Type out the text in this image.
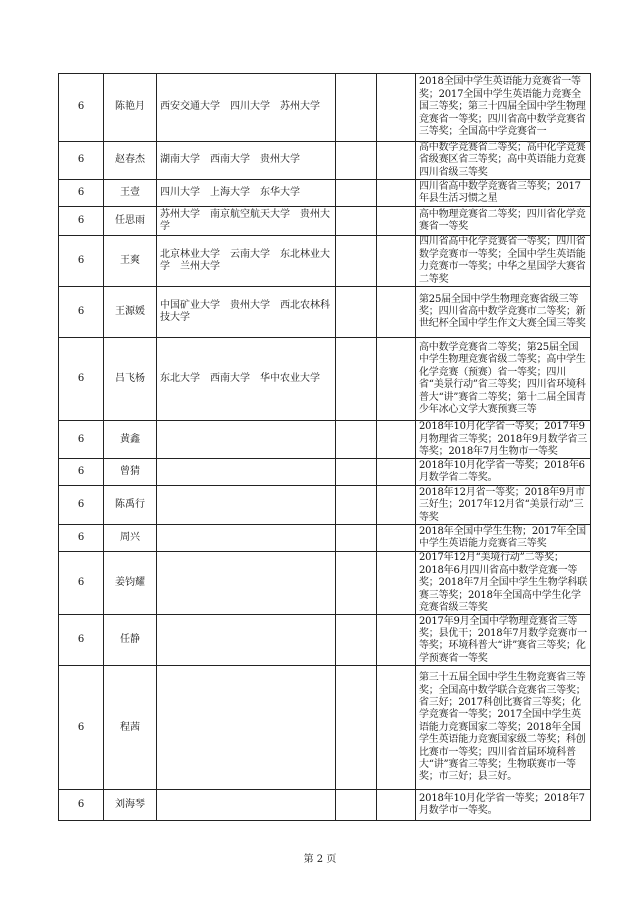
6	陈艳月	西安交通大学　四川大学　苏州大学			2018全国中学生英语能力竞赛省一等奖；2017全国中学生英语能力竞赛全国三等奖；第三十四届全国中学生物理竞赛省一等奖；四川省高中数学竞赛省三等奖；全国高中学竞赛省一
6	赵春杰	湖南大学　西南大学　贵州大学			高中数学竞赛省二等奖；高中化学竞赛省级赛区省三等奖；高中英语能力竞赛四川省级三等奖
6	王壹	四川大学　上海大学　东华大学			四川省高中数学竞赛省三等奖；2017年县生活习惯之星
6	任思雨	苏州大学　南京航空航天大学　贵州大学			高中物理竞赛省二等奖；四川省化学竞赛省一等奖
6	王爽	北京林业大学　云南大学　东北林业大学　兰州大学			四川省高中化学竞赛省一等奖；四川省数学竞赛市一等奖；全国中学生英语能力竞赛市一等奖；中华之星国学大赛省二等奖
6	王源媛	中国矿业大学　贵州大学　西北农林科技大学			第25届全国中学生物理竞赛省级三等奖；四川省高中数学竞赛市二等奖；新世纪杯全国中学生作文大赛全国三等奖
6	吕飞杨	东北大学　西南大学　华中农业大学			高中数学竞赛省二等奖；第25届全国中学生物理竞赛省级二等奖；高中学生化学竞赛（预赛）省一等奖；四川省“美景行动”省三等奖；四川省环境科普大“讲”赛省二等奖；第十二届全国青少年冰心文学大赛预赛三等
6	黄鑫				2018年10月化学省一等奖；2017年9月物理省三等奖；2018年9月数学省三等奖；2018年7月生物市一等奖
6	曾猜				2018年10月化学省一等奖；2018年6月数学省二等奖。
6	陈禹行				2018年12月省一等奖；2018年9月市三好生；2017年12月省“美景行动”三等奖
6	周兴				2018年全国中学生生物；2017年全国中学生英语能力竞赛省三等奖
6	姜钧耀				2017年12月“美境行动”二等奖；2018年6月四川省高中数学竞赛一等奖；2018年7月全国中学生生物学科联赛三等奖；2018年全国高中学生化学竞赛省级三等奖
6	任静				2017年9月全国中学物理竞赛省三等奖；县优干；2018年7月数学竞赛市一等奖；环境科普大“讲”赛省三等奖；化学预赛省一等奖
6	程茜				第三十五届全国中学生生物竞赛省三等奖；全国高中数学联合竞赛省三等奖；省三好；2017科创比赛省三等奖；化学竞赛省一等奖；2017全国中学生英语能力竞赛国家二等奖；2018年全国学生英语能力竞赛国家级二等奖；科创比赛市一等奖；四川省首届环境科普大“讲”赛省三等奖；生物联赛市一等奖；市三好；县三好。
6	刘海琴				2018年10月化学省一等奖；2018年7月数学市一等奖。
第 2 页
